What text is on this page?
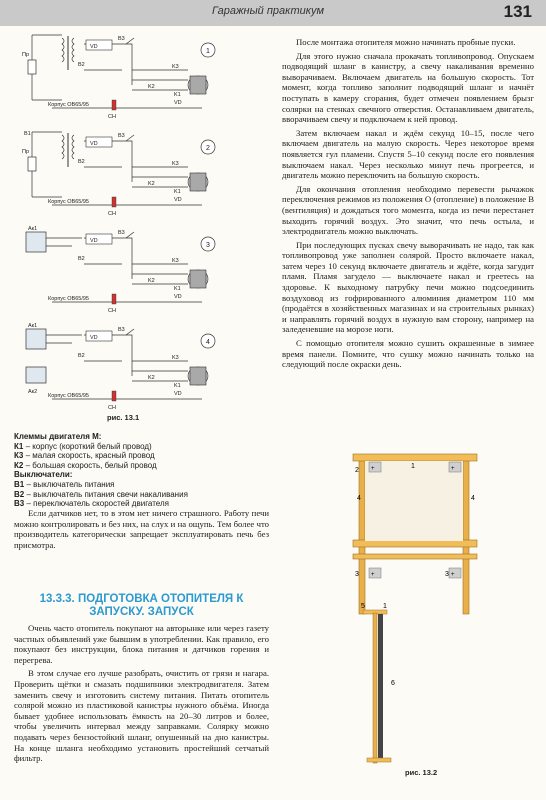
Гаражный практикум	131
Пр
VD
B3
B2	K3
K2
K1
VD
СН
Корпус ОВ65/95
1
Пр
B1
VD
B3
B2	K3
K2
K1
VD
СН
Корпус ОВ65/95
2
Ак1
VD
B3
B2	K3
K2
K1
VD
СН
Корпус ОВ65/95
3
Ак1
Ак2
VD
B3
B2	K3
K2
K1
VD
СН
Корпус ОВ65/95
4
рис. 13.1
Клеммы двигателя М:
К1 – корпус (короткий белый провод)
К3 – малая скорость, красный провод
К2 – большая скорость, белый провод
Выключатели:
В1 – выключатель питания
В2 – выключатель питания свечи накаливания
В3 – переключатель скоростей двигателя

Если датчиков нет, то в этом нет ничего страшного. Работу печи можно контролировать и без них, на слух и на ощупь. Тем более что производитель категорически запрещает эксплуатировать печь без присмотра.

13.3.3. ПОДГОТОВКА ОТОПИТЕЛЯ К ЗАПУСКУ. ЗАПУСК

Очень часто отопитель покупают на авторынке или через газету частных объявлений уже бывшим в употреблении. Как правило, его покупают без инструкции, блока питания и датчиков горения и перегрева.

В этом случае его лучше разобрать, очистить от грязи и нагара. Проверить щётки и смазать подшипники электродвигателя. Затем заменить свечу и изготовить систему питания. Питать отопитель солярой можно из пластиковой канистры нужного объёма. Иногда бывает удобнее использовать ёмкость на 20–30 литров и более, чтобы увеличить интервал между заправками. Солярку можно подавать через бензостойкий шланг, опушенный на дно канистры. На конце шланга необходимо установить простейший сетчатый фильтр.

После монтажа отопителя можно начинать пробные пуски.

Для этого нужно сначала прокачать топливопровод. Опускаем подводящий шланг в канистру, а свечу накаливания временно выворачиваем. Включаем двигатель на большую скорость. Тот момент, когда топливо заполнит подводящий шланг и начнёт поступать в камеру сгорания, будет отмечен появлением брызг солярки на стенках свечного отверстия. Останавливаем двигатель, вворачиваем свечу и подключаем к ней провод.

Затем включаем накал и ждём секунд 10–15, после чего включаем двигатель на малую скорость. Через некоторое время появляется гул пламени. Спустя 5–10 секунд после его появления выключаем накал. Через несколько минут печь прогреется, и двигатель можно переключить на большую скорость.

Для окончания отопления необходимо перевести рычажок переключения режимов из положения О (отопление) в положение В (вентиляция) и дождаться того момента, когда из печи перестанет выходить горячий воздух. Это значит, что печь остыла, и электродвигатель можно выключать.

При последующих пусках свечу выворачивать не надо, так как топливопровод уже заполнен солярой. Просто включаете накал, затем через 10 секунд включаете двигатель и ждёте, когда загудит пламя. Пламя загудело — выключаете накал и греетесь на здоровье. К выходному патрубку печи можно подсоединить воздуховод из гофрированного алюминия диаметром 110 мм (продаётся в хозяйственных магазинах и на строительных рынках) и направлять горячий воздух в нужную вам сторону, например на заледеневшие на морозе ноги.

С помощью отопителя можно сушить окрашенные в зимнее время панели. Помните, что сушку можно начинать только на следующий после окраски день.

+	+
+	+
1
2
4	4
3
3
5	1
6
рис. 13.2
